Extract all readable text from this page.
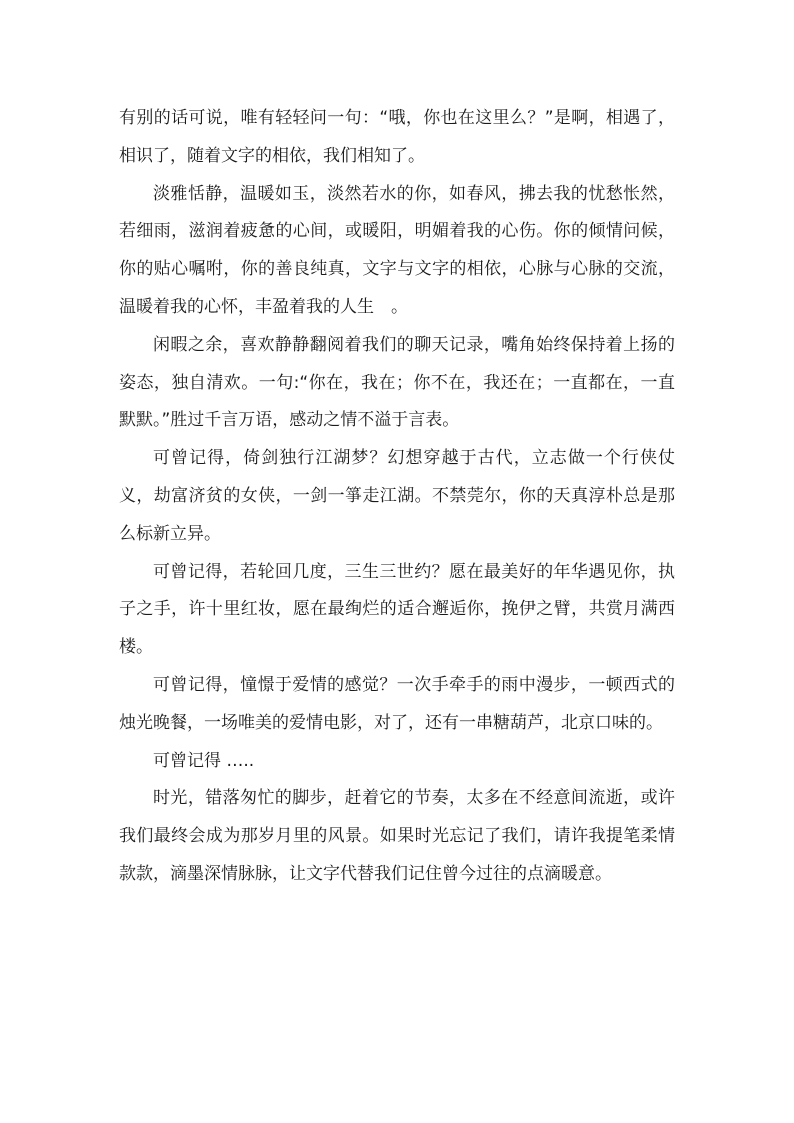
有别的话可说，唯有轻轻问一句：“哦，你也在这里么？”是啊，相遇了，相识了，随着文字的相依，我们相知了。

淡雅恬静，温暖如玉，淡然若水的你，如春风，拂去我的忧愁怅然，若细雨，滋润着疲惫的心间，或暖阳，明媚着我的心伤。你的倾情问候，你的贴心嘱咐，你的善良纯真，文字与文字的相依，心脉与心脉的交流，温暖着我的心怀，丰盈着我的人生　。

闲暇之余，喜欢静静翻阅着我们的聊天记录，嘴角始终保持着上扬的姿态，独自清欢。一句:“你在，我在；你不在，我还在；一直都在，一直默默。”胜过千言万语，感动之情不溢于言表。

可曾记得，倚剑独行江湖梦？幻想穿越于古代，立志做一个行侠仗义，劫富济贫的女侠，一剑一箏走江湖。不禁莞尔，你的天真淳朴总是那么标新立异。

可曾记得，若轮回几度，三生三世约？愿在最美好的年华遇见你，执子之手，许十里红妆，愿在最绚烂的适合邂逅你，挽伊之臂，共赏月满西楼。

可曾记得，憧憬于爱情的感觉？一次手牵手的雨中漫步，一顿西式的烛光晚餐，一场唯美的爱情电影，对了，还有一串糖葫芦，北京口味的。

可曾记得 …..

时光，错落匆忙的脚步，赶着它的节奏，太多在不经意间流逝，或许我们最终会成为那岁月里的风景。如果时光忘记了我们，请许我提笔柔情款款，滴墨深情脉脉，让文字代替我们记住曾今过往的点滴暖意。
